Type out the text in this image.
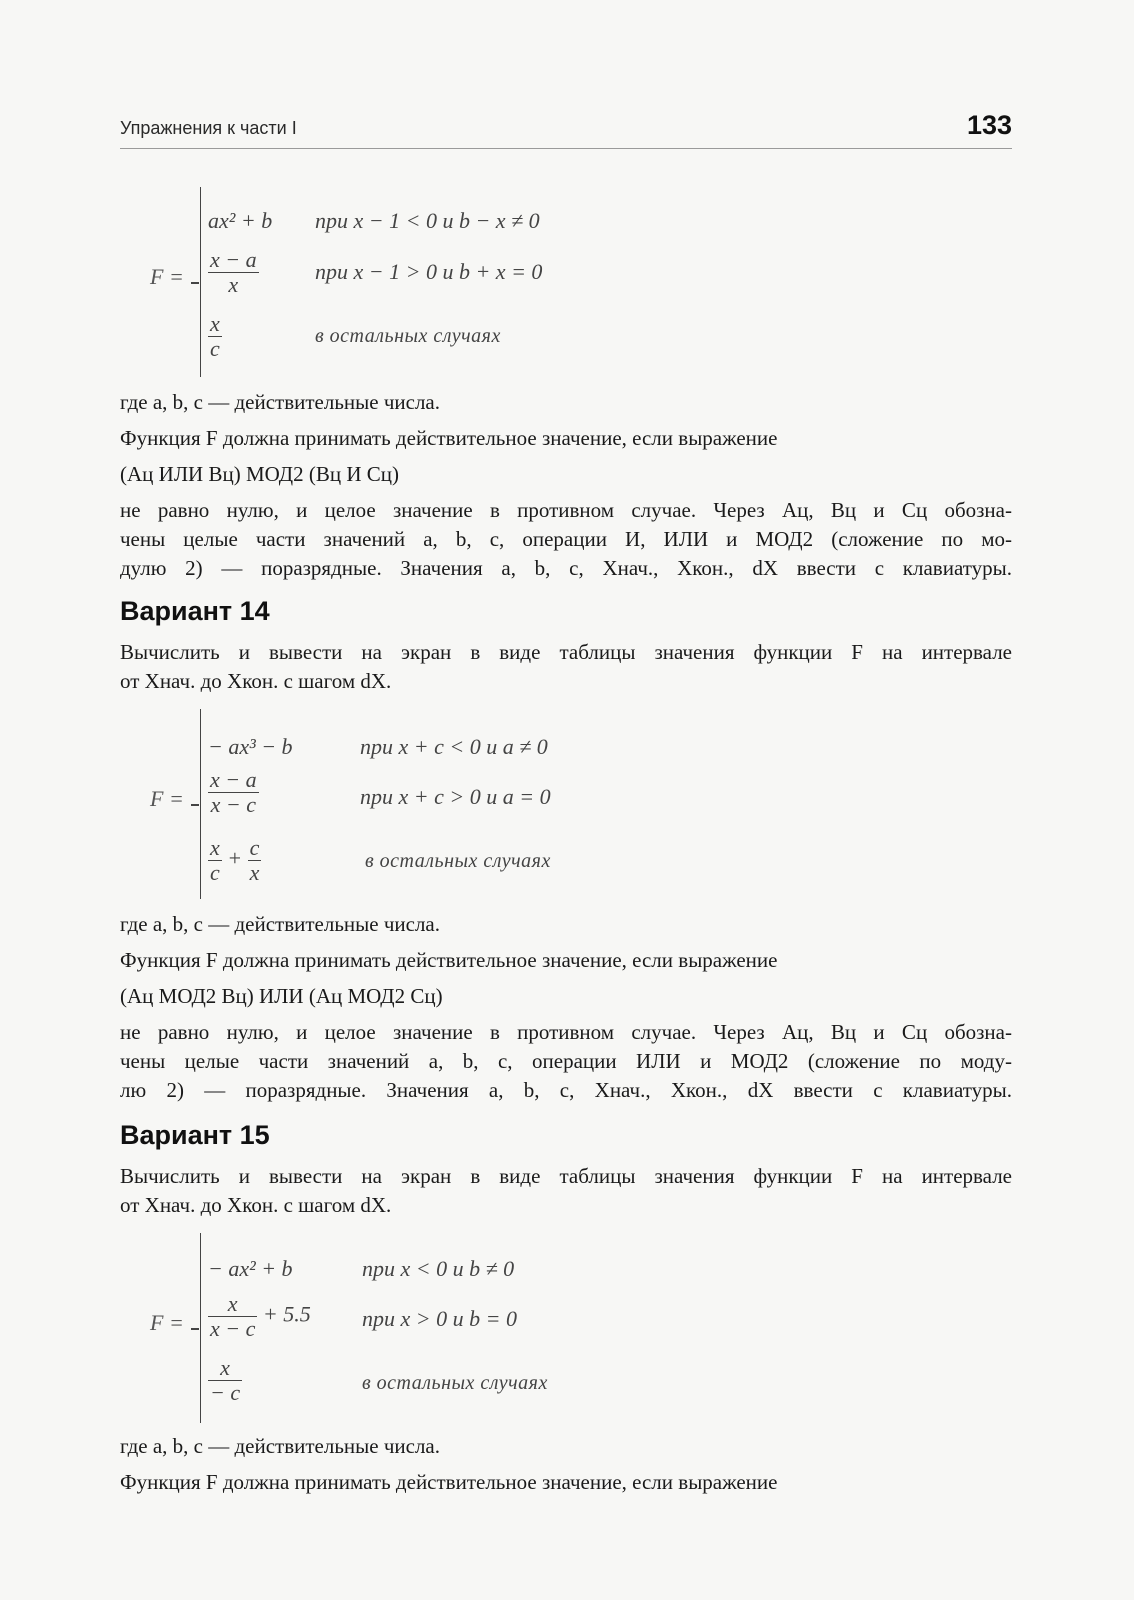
Упражнения к части I	133
F =
ax² + b при x − 1 < 0 и b − x ≠ 0
$\frac{x - a}{x}$	при x − 1 > 0 и b + x = 0
$\frac{x}{c}$	в остальных случаях
где a, b, c — действительные числа.
Функция F должна принимать действительное значение, если выражение
(Ац ИЛИ Вц) МОД2 (Вц И Сц)
не равно нулю, и целое значение в противном случае. Через Ац, Вц и Сц обозна-
чены целые части значений a, b, c, операции И, ИЛИ и МОД2 (сложение по мо-
дулю 2) — поразрядные. Значения a, b, c, Хнач., Хкон., dX ввести с клавиатуры.
Вариант 14
Вычислить и вывести на экран в виде таблицы значения функции F на интервале
от Хнач. до Хкон. с шагом dX.
F =
− ax³ − b	при x + c < 0 и a ≠ 0
$\frac{x - a}{x - c}$	при x + c > 0 и a = 0
$\frac{x}{c} + \frac{c}{x}$	в остальных случаях
где a, b, c — действительные числа.
Функция F должна принимать действительное значение, если выражение
(Ац МОД2 Вц) ИЛИ (Ац МОД2 Сц)
не равно нулю, и целое значение в противном случае. Через Ац, Вц и Сц обозна-
чены целые части значений a, b, c, операции ИЛИ и МОД2 (сложение по моду-
лю 2) — поразрядные. Значения a, b, c, Хнач., Хкон., dX ввести с клавиатуры.
Вариант 15
Вычислить и вывести на экран в виде таблицы значения функции F на интервале
от Хнач. до Хкон. с шагом dX.
F =
− ax² + b	при x < 0 и b ≠ 0
$\frac{x}{x - c} + 5.5$ при x > 0 и b = 0
$\frac{x}{- c}$	в остальных случаях
где a, b, c — действительные числа.
Функция F должна принимать действительное значение, если выражение
